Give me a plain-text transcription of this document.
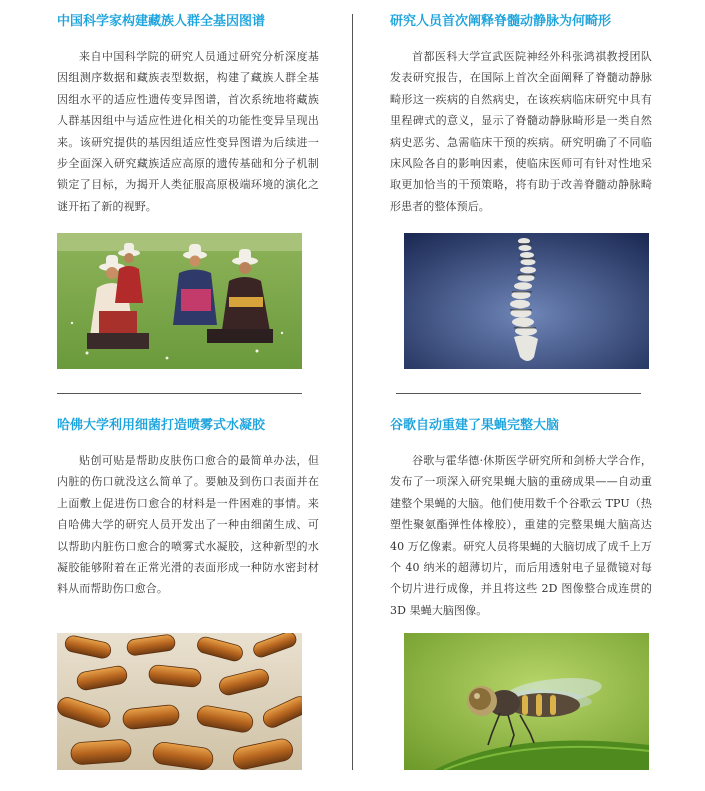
中国科学家构建藏族人群全基因图谱

来自中国科学院的研究人员通过研究分析深度基因组测序数据和藏族表型数据，构建了藏族人群全基因组水平的适应性遗传变异图谱，首次系统地将藏族人群基因组中与适应性进化相关的功能性变异呈现出来。该研究提供的基因组适应性变异图谱为后续进一步全面深入研究藏族适应高原的遗传基础和分子机制锁定了目标，为揭开人类征服高原极端环境的演化之谜开拓了新的视野。

研究人员首次阐释脊髓动静脉为何畸形

首都医科大学宣武医院神经外科张鸿祺教授团队发表研究报告，在国际上首次全面阐释了脊髓动静脉畸形这一疾病的自然病史，在该疾病临床研究中具有里程碑式的意义，显示了脊髓动静脉畸形是一类自然病史恶劣、急需临床干预的疾病。研究明确了不同临床风险各自的影响因素，使临床医师可有针对性地采取更加恰当的干预策略，将有助于改善脊髓动静脉畸形患者的整体预后。

哈佛大学利用细菌打造喷雾式水凝胶

贴创可贴是帮助皮肤伤口愈合的最简单办法，但内脏的伤口就没这么简单了。要触及到伤口表面并在上面敷上促进伤口愈合的材料是一件困难的事情。来自哈佛大学的研究人员开发出了一种由细菌生成、可以帮助内脏伤口愈合的喷雾式水凝胶，这种新型的水凝胶能够附着在正常光滑的表面形成一种防水密封材料从而帮助伤口愈合。

谷歌自动重建了果蝇完整大脑

谷歌与霍华德·休斯医学研究所和剑桥大学合作，发布了一项深入研究果蝇大脑的重磅成果——自动重建整个果蝇的大脑。他们使用数千个谷歌云 TPU（热塑性聚氨酯弹性体橡胶），重建的完整果蝇大脑高达 40 万亿像素。研究人员将果蝇的大脑切成了成千上万个 40 纳米的超薄切片，而后用透射电子显微镜对每个切片进行成像，并且将这些 2D 图像整合成连贯的 3D 果蝇大脑图像。
